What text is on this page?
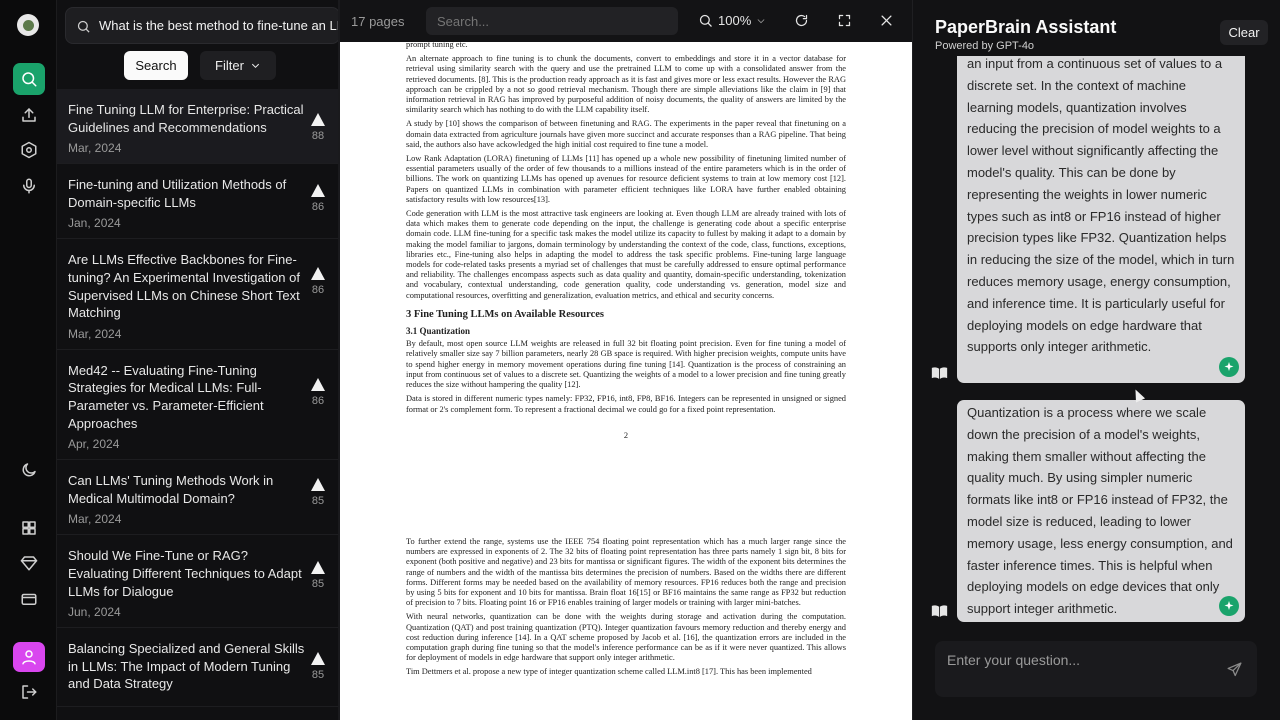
What is the best method to fine-tune an LLM?
Search	Filter
Fine Tuning LLM for Enterprise: Practical Guidelines and Recommendations
Mar, 2024
88
Fine-tuning and Utilization Methods of Domain-specific LLMs
Jan, 2024
86
Are LLMs Effective Backbones for Fine-tuning? An Experimental Investigation of Supervised LLMs on Chinese Short Text Matching
Mar, 2024
86
Med42 -- Evaluating Fine-Tuning Strategies for Medical LLMs: Full-Parameter vs. Parameter-Efficient Approaches
Apr, 2024
86
Can LLMs' Tuning Methods Work in Medical Multimodal Domain?
Mar, 2024
85
Should We Fine-Tune or RAG? Evaluating Different Techniques to Adapt LLMs for Dialogue
Jun, 2024
85
Balancing Specialized and General Skills in LLMs: The Impact of Modern Tuning and Data Strategy
85
17 pages
Search...	100%

prompt tuning etc.

An alternate approach to fine tuning is to chunk the documents, convert to embeddings and store it in a vector database for retrieval using similarity search with the query and use the pretrained LLM to come up with a consolidated answer from the retrieved documents. [8]. This is the production ready approach as it is fast and gives more or less exact results. However the RAG approach can be crippled by a not so good retrieval mechanism. Though there are simple alleviations like the claim in [9] that information retrieval in RAG has improved by purposeful addition of noisy documents, the quality of answers are limited by the similarity search which has nothing to do with the LLM capability itself.

A study by [10] shows the comparison of between finetuning and RAG. The experiments in the paper reveal that finetuning on a domain data extracted from agriculture journals have given more succinct and accurate responses than a RAG pipeline. That being said, the authors also have ackowledged the high initial cost required to fine tune a model.

Low Rank Adaptation (LORA) finetuning of LLMs [11] has opened up a whole new possibility of finetuning limited number of essential parameters usually of the order of few thousands to a millions instead of the entire parameters which is in the order of billions. The work on quantizing LLMs has opened up avenues for resource deficient systems to train at low memory cost [12]. Papers on quantized LLMs in combination with parameter efficient techniques like LORA have further enabled obtaining satisfactory results with low resources[13].

Code generation with LLM is the most attractive task engineers are looking at. Even though LLM are already trained with lots of data which makes them to generate code depending on the input, the challenge is generating code about a specific enterprise domain code. LLM fine-tuning for a specific task makes the model utilize its capacity to fullest by making it adapt to a domain by making the model familiar to jargons, domain terminology by understanding the context of the code, class, functions, exceptions, libraries etc., Fine-tuning also helps in adapting the model to address the task specific problems. Fine-tuning large language models for code-related tasks presents a myriad set of challenges that must be carefully addressed to ensure optimal performance and reliability. The challenges encompass aspects such as data quality and quantity, domain-specific understanding, tokenization and vocabulary, contextual understanding, code generation quality, code understanding vs. generation, model size and computational resources, overfitting and generalization, evaluation metrics, and ethical and security concerns.

3 Fine Tuning LLMs on Available Resources
3.1 Quantization

By default, most open source LLM weights are released in full 32 bit floating point precision. Even for fine tuning a model of relatively smaller size say 7 billion parameters, nearly 28 GB space is required. With higher precision weights, compute units have to spend higher energy in memory movement operations during fine tuning [14]. Quantization is the process of constraining an input from continuous set of values to a discrete set. Quantizing the weights of a model to a lower precision and fine tuning greatly reduces the size without hampering the quality [12].

Data is stored in different numeric types namely: FP32, FP16, int8, FP8, BF16. Integers can be represented in unsigned or signed format or 2's complement form. To represent a fractional decimal we could go for a fixed point representation.

2

To further extend the range, systems use the IEEE 754 floating point representation which has a much larger range since the numbers are expressed in exponents of 2. The 32 bits of floating point representation has three parts namely 1 sign bit, 8 bits for exponent (both positive and negative) and 23 bits for mantissa or significant figures. The width of the exponent bits determines the range of numbers and the width of the mantissa bits determines the precision of numbers. Based on the widths there are different forms. Different forms may be needed based on the availability of memory resources. FP16 reduces both the range and precision by using 5 bits for exponent and 10 bits for mantissa. Brain float 16[15] or BF16 maintains the same range as FP32 but reduction of precision to 7 bits. Floating point 16 or FP16 enables training of larger models or training with larger mini-batches.

With neural networks, quantization can be done with the weights during storage and activation during the computation. Quantization (QAT) and post training quantization (PTQ). Integer quantization favours memory reduction and thereby energy and cost reduction during inference [14]. In a QAT scheme proposed by Jacob et al. [16], the quantization errors are included in the computation graph during fine tuning so that the model's inference performance can be as if it were never quantized. This allows for deployment of models in edge hardware that support only integer arithmetic.

Tim Dettmers et al. propose a new type of integer quantization scheme called LLM.int8 [17]. This has been implemented

PaperBrain Assistant
Powered by GPT-4o
Clear
an input from a continuous set of values to a discrete set. In the context of machine learning models, quantization involves reducing the precision of model weights to a lower level without significantly affecting the model's quality. This can be done by representing the weights in lower numeric types such as int8 or FP16 instead of higher precision types like FP32. Quantization helps in reducing the size of the model, which in turn reduces memory usage, energy consumption, and inference time. It is particularly useful for deploying models on edge hardware that supports only integer arithmetic.
Quantization is a process where we scale down the precision of a model's weights, making them smaller without affecting the quality much. By using simpler numeric formats like int8 or FP16 instead of FP32, the model size is reduced, leading to lower memory usage, less energy consumption, and faster inference times. This is helpful when deploying models on edge devices that only support integer arithmetic.
Enter your question...
